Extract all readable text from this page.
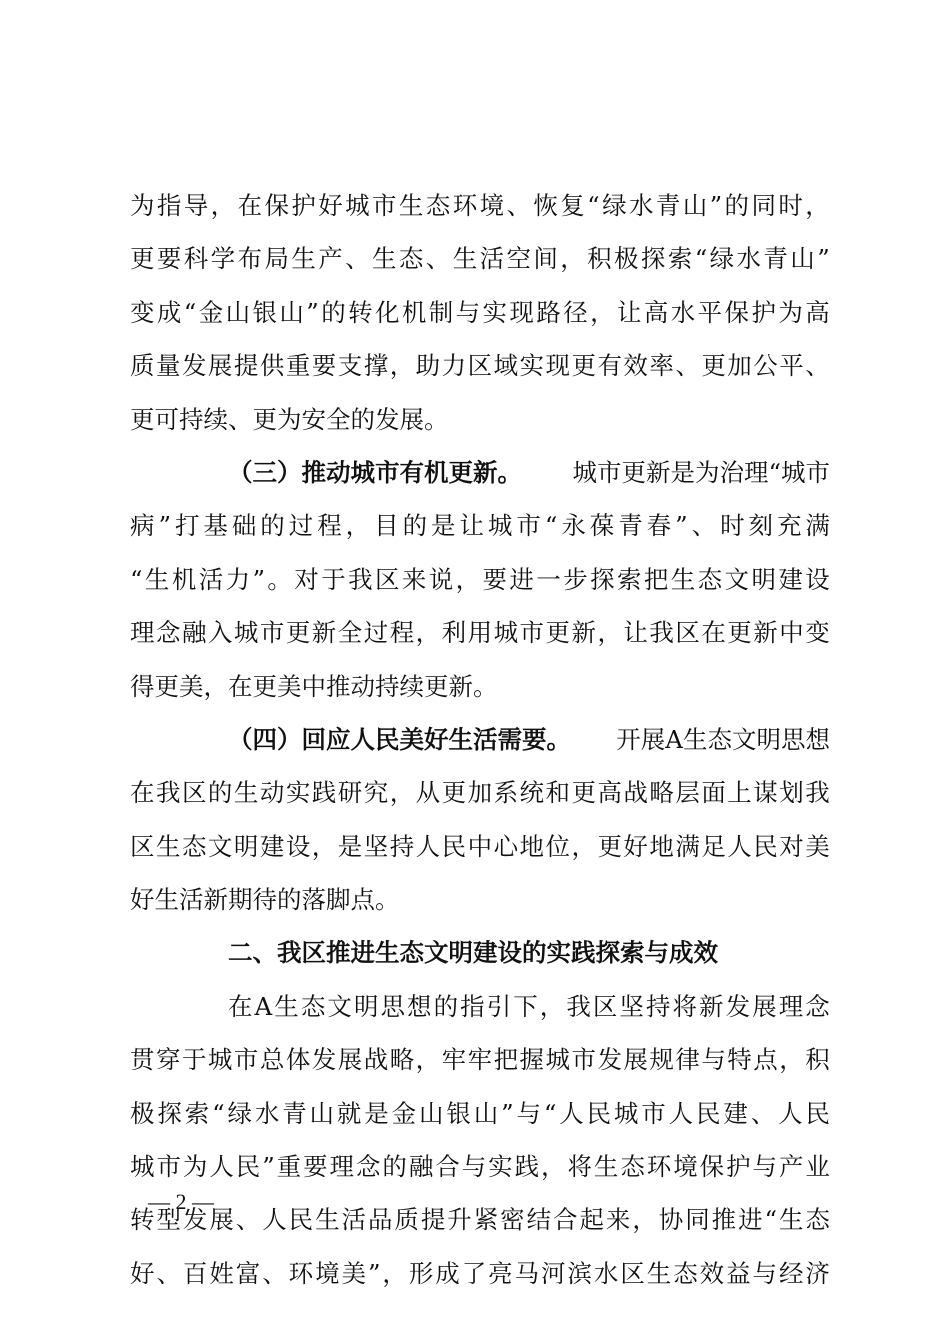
为 指 导 ， 在 保 护 好 城 市 生 态 环 境 、 恢 复 “ 绿 水 青 山 ” 的 同 时 ，
更 要 科 学 布 局 生 产 、 生 态 、 生 活 空 间 ， 积 极 探 索 “ 绿 水 青 山 ”
变 成 “ 金 山 银 山 ” 的 转 化 机 制 与 实 现 路 径 ， 让 高 水 平 保 护 为 高
质 量 发 展 提 供 重 要 支 撑 ， 助 力 区 域 实 现 更 有 效 率 、 更 加 公 平 、
更可持续、更为安全的发展。
（三）推动城市有机更新。 城市更新是为治理“城市
病 ” 打 基 础 的 过 程 ， 目 的 是 让 城 市 “ 永 葆 青 春 ” 、 时 刻 充 满
“ 生 机 活 力 ” 。 对 于 我 区 来 说 ， 要 进 一 步 探 索 把 生 态 文 明 建 设
理 念 融 入 城 市 更 新 全 过 程 ， 利 用 城 市 更 新 ， 让 我 区 在 更 新 中 变
得更美，在更美中推动持续更新。
（四）回应人民美好生活需要。 开展A生态文明思想
在 我 区 的 生 动 实 践 研 究 ， 从 更 加 系 统 和 更 高 战 略 层 面 上 谋 划 我
区 生 态 文 明 建 设 ， 是 坚 持 人 民 中 心 地 位 ， 更 好 地 满 足 人 民 对 美
好生活新期待的落脚点。
二、我区推进生态文明建设的实践探索与成效
在 A 生 态 文 明 思 想 的 指 引 下 ， 我 区 坚 持 将 新 发 展 理 念
贯 穿 于 城 市 总 体 发 展 战 略 ， 牢 牢 把 握 城 市 发 展 规 律 与 特 点 ， 积
极 探 索 “ 绿 水 青 山 就 是 金 山 银 山 ” 与 “ 人 民 城 市 人 民 建 、 人 民
城 市 为 人 民 ” 重 要 理 念 的 融 合 与 实 践 ， 将 生 态 环 境 保 护 与 产 业
转 型 发 展 、 人 民 生 活 品 质 提 升 紧 密 结 合 起 来 ， 协 同 推 进 “ 生 态
好 、 百 姓 富 、 环 境 美 ” ， 形 成 了 亮 马 河 滨 水 区 生 态 效 益 与 经 济
— 2 —
